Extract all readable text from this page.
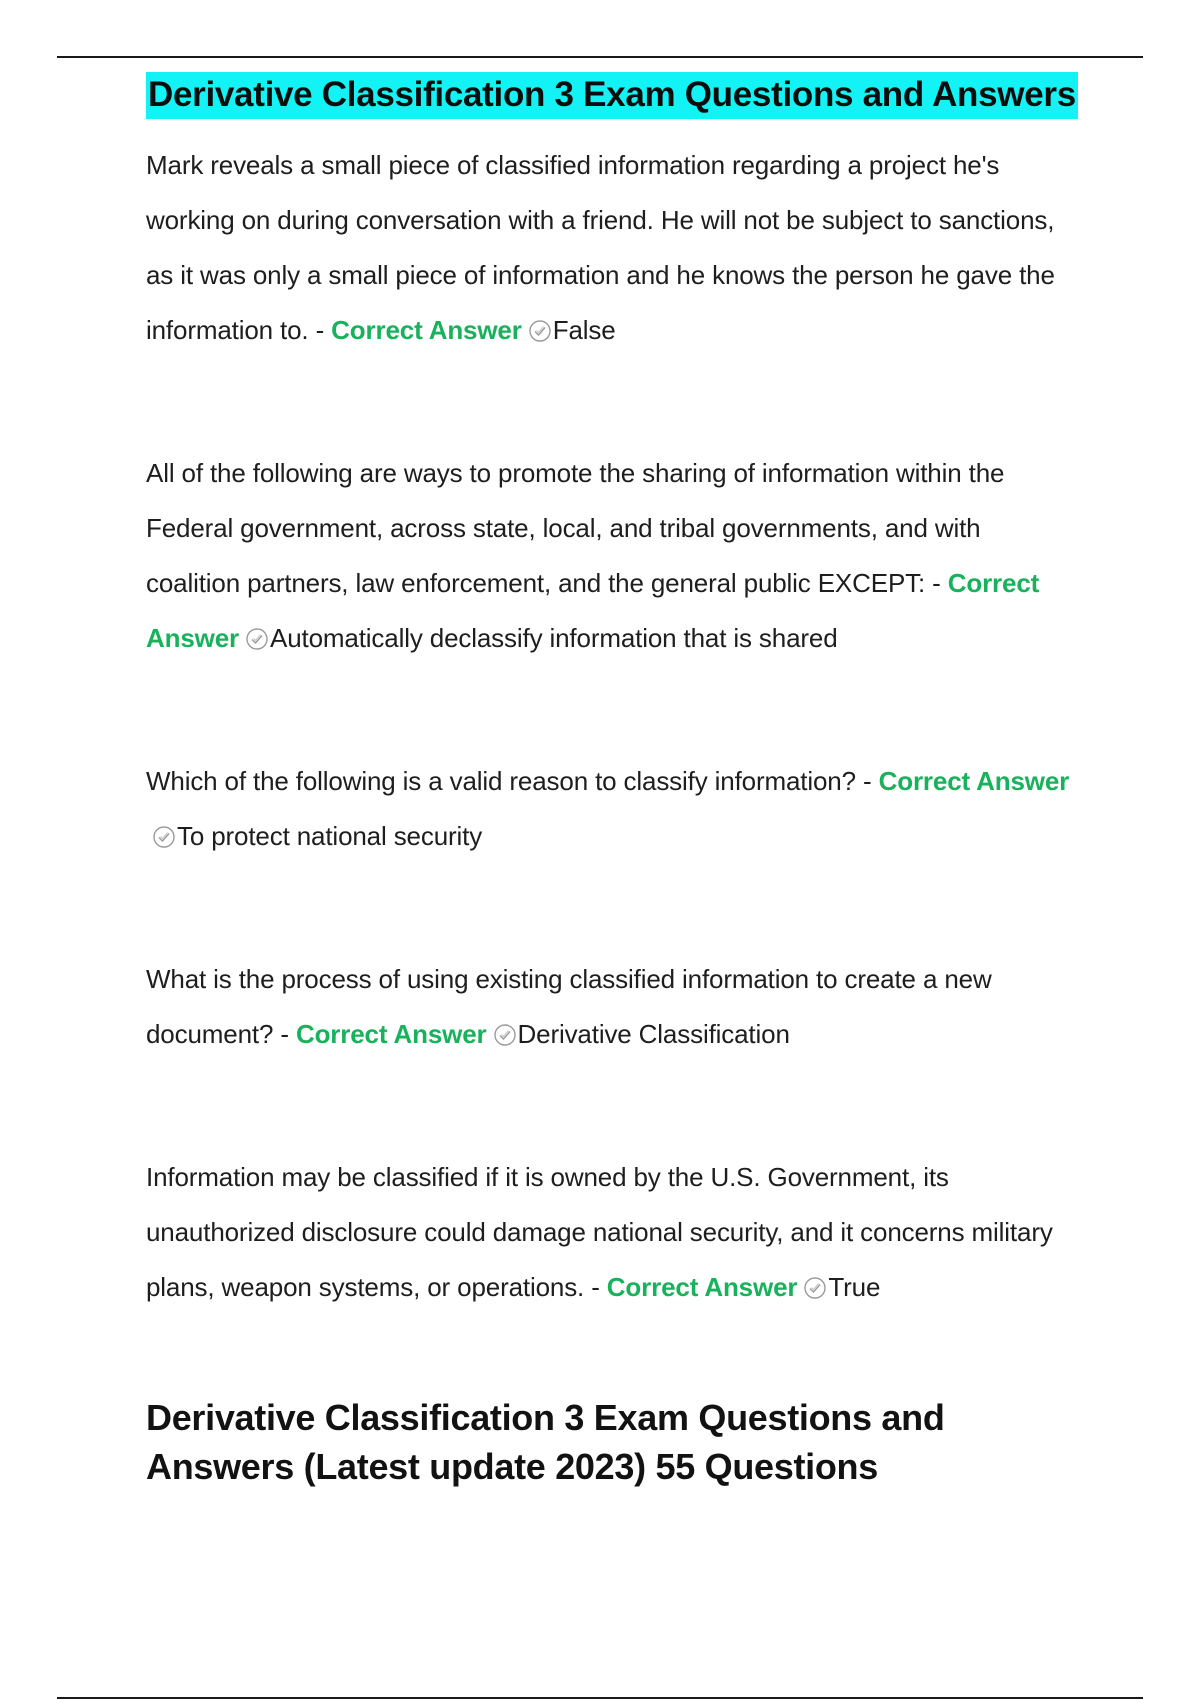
Derivative Classification 3 Exam Questions and Answers

Mark reveals a small piece of classified information regarding a project he's working on during conversation with a friend. He will not be subject to sanctions, as it was only a small piece of information and he knows the person he gave the information to. - Correct Answer False

All of the following are ways to promote the sharing of information within the Federal government, across state, local, and tribal governments, and with coalition partners, law enforcement, and the general public EXCEPT: - Correct Answer Automatically declassify information that is shared

Which of the following is a valid reason to classify information? - Correct AnswerTo protect national security

What is the process of using existing classified information to create a new document? - Correct Answer Derivative Classification

Information may be classified if it is owned by the U.S. Government, its unauthorized disclosure could damage national security, and it concerns military plans, weapon systems, or operations. - Correct Answer True

Derivative Classification 3 Exam Questions and Answers (Latest update 2023) 55 Questions
